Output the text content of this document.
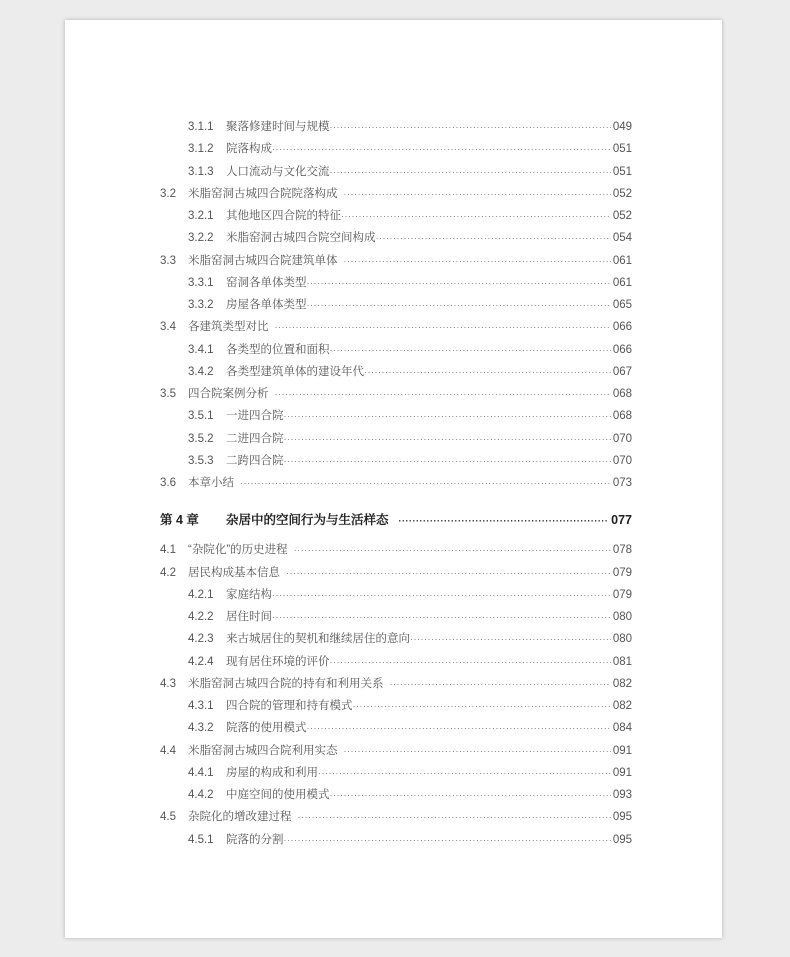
3.1.1	聚落修建时间与规模 ·····	049
3.1.2	院落构成 ·····	051
3.1.3	人口流动与文化交流 ·····	051
3.2	米脂窑洞古城四合院院落构成 ·····	052
3.2.1	其他地区四合院的特征 ·····	052
3.2.2	米脂窑洞古城四合院空间构成 ·····	054
3.3	米脂窑洞古城四合院建筑单体 ·····	061
3.3.1	窑洞各单体类型 ·····	061
3.3.2	房屋各单体类型 ·····	065
3.4	各建筑类型对比 ·····	066
3.4.1	各类型的位置和面积 ·····	066
3.4.2	各类型建筑单体的建设年代 ·····	067
3.5	四合院案例分析 ·····	068
3.5.1	一进四合院 ·····	068
3.5.2	二进四合院 ·····	070
3.5.3	二跨四合院 ·····	070
3.6	本章小结 ·····	073
第 4 章	杂居中的空间行为与生活样态 ·····	077
4.1	“杂院化”的历史进程 ·····	078
4.2	居民构成基本信息 ·····	079
4.2.1	家庭结构 ·····	079
4.2.2	居住时间 ·····	080
4.2.3	来古城居住的契机和继续居住的意向 ·····	080
4.2.4	现有居住环境的评价 ·····	081
4.3	米脂窑洞古城四合院的持有和利用关系 ·····	082
4.3.1	四合院的管理和持有模式 ·····	082
4.3.2	院落的使用模式 ·····	084
4.4	米脂窑洞古城四合院利用实态 ·····	091
4.4.1	房屋的构成和利用 ·····	091
4.4.2	中庭空间的使用模式 ·····	093
4.5	杂院化的增改建过程 ·····	095
4.5.1	院落的分割 ·····	095
